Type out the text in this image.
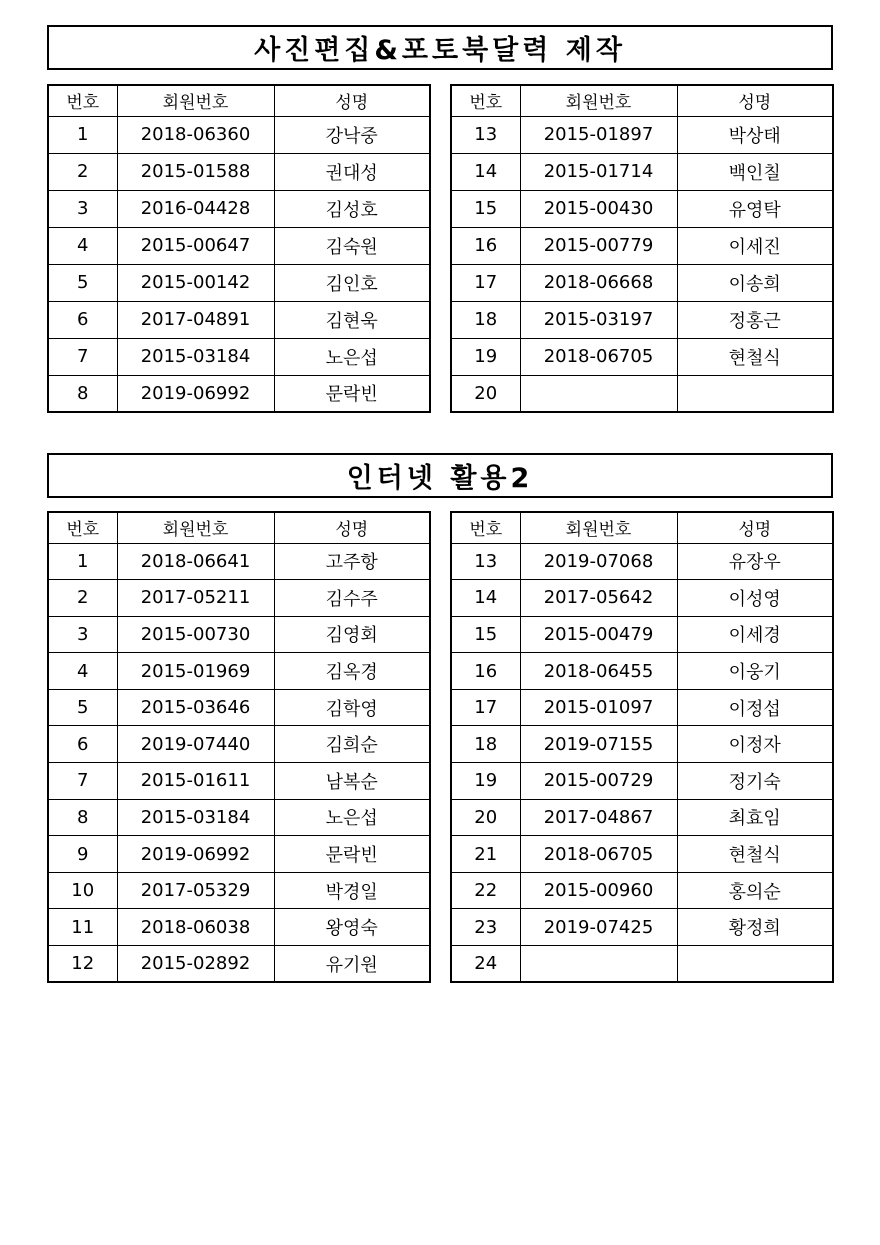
사진편집&포토북달력 제작
번호	회원번호	성명
1	2018-06360	강낙중
2	2015-01588	권대성
3	2016-04428	김성호
4	2015-00647	김숙원
5	2015-00142	김인호
6	2017-04891	김현욱
7	2015-03184	노은섭
8	2019-06992	문락빈
번호	회원번호	성명
13	2015-01897	박상태
14	2015-01714	백인칠
15	2015-00430	유영탁
16	2015-00779	이세진
17	2018-06668	이송희
18	2015-03197	정홍근
19	2018-06705	현철식
20		
인터넷 활용2
번호	회원번호	성명
1	2018-06641	고주항
2	2017-05211	김수주
3	2015-00730	김영회
4	2015-01969	김옥경
5	2015-03646	김학영
6	2019-07440	김희순
7	2015-01611	남복순
8	2015-03184	노은섭
9	2019-06992	문락빈
10	2017-05329	박경일
11	2018-06038	왕영숙
12	2015-02892	유기원
번호	회원번호	성명
13	2019-07068	유장우
14	2017-05642	이성영
15	2015-00479	이세경
16	2018-06455	이웅기
17	2015-01097	이정섭
18	2019-07155	이정자
19	2015-00729	정기숙
20	2017-04867	최효임
21	2018-06705	현철식
22	2015-00960	홍의순
23	2019-07425	황정희
24		
